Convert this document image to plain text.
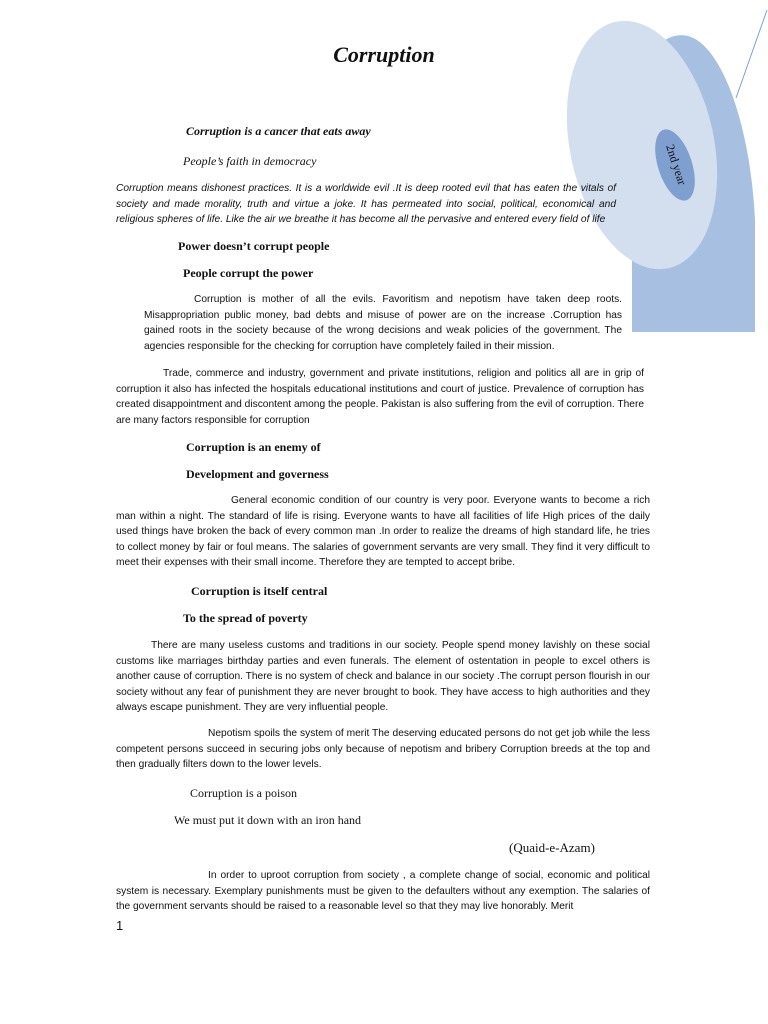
2nd year
Corruption
Corruption is a cancer that eats away
People’s faith in democracy

Corruption means dishonest practices. It is a worldwide evil .It is deep rooted evil that has eaten the vitals of society and made morality, truth and virtue a joke. It has permeated into social, political, economical and religious spheres of life. Like the air we breathe it has become all the pervasive and entered every field of life

Power doesn’t corrupt people
People corrupt the power

Corruption is mother of all the evils. Favoritism and nepotism have taken deep roots. Misappropriation public money, bad debts and misuse of power are on the increase .Corruption has gained roots in the society because of the wrong decisions and weak policies of the government. The agencies responsible for the checking for corruption have completely failed in their mission.

Trade, commerce and industry, government and private institutions, religion and politics all are in grip of corruption it also has infected the hospitals educational institutions and court of justice. Prevalence of corruption has created disappointment and discontent among the people. Pakistan is also suffering from the evil of corruption. There are many factors responsible for corruption

Corruption is an enemy of
Development and governess

General economic condition of our country is very poor. Everyone wants to become a rich man within a night. The standard of life is rising. Everyone wants to have all facilities of life High prices of the daily used things have broken the back of every common man .In order to realize the dreams of high standard life, he tries to collect money by fair or foul means. The salaries of government servants are very small. They find it very difficult to meet their expenses with their small income. Therefore they are tempted to accept bribe.

Corruption is itself central
To the spread of poverty

There are many useless customs and traditions in our society. People spend money lavishly on these social customs like marriages birthday parties and even funerals. The element of ostentation in people to excel others is another cause of corruption. There is no system of check and balance in our society .The corrupt person flourish in our society without any fear of punishment they are never brought to book. They have access to high authorities and they always escape punishment. They are very influential people.

Nepotism spoils the system of merit The deserving educated persons do not get job while the less competent persons succeed in securing jobs only because of nepotism and bribery Corruption breeds at the top and then gradually filters down to the lower levels.

Corruption is a poison
We must put it down with an iron hand
(Quaid-e-Azam)

In order to uproot corruption from society , a complete change of social, economic and political system is necessary. Exemplary punishments must be given to the defaulters without any exemption. The salaries of the government servants should be raised to a reasonable level so that they may live honorably. Merit

1
